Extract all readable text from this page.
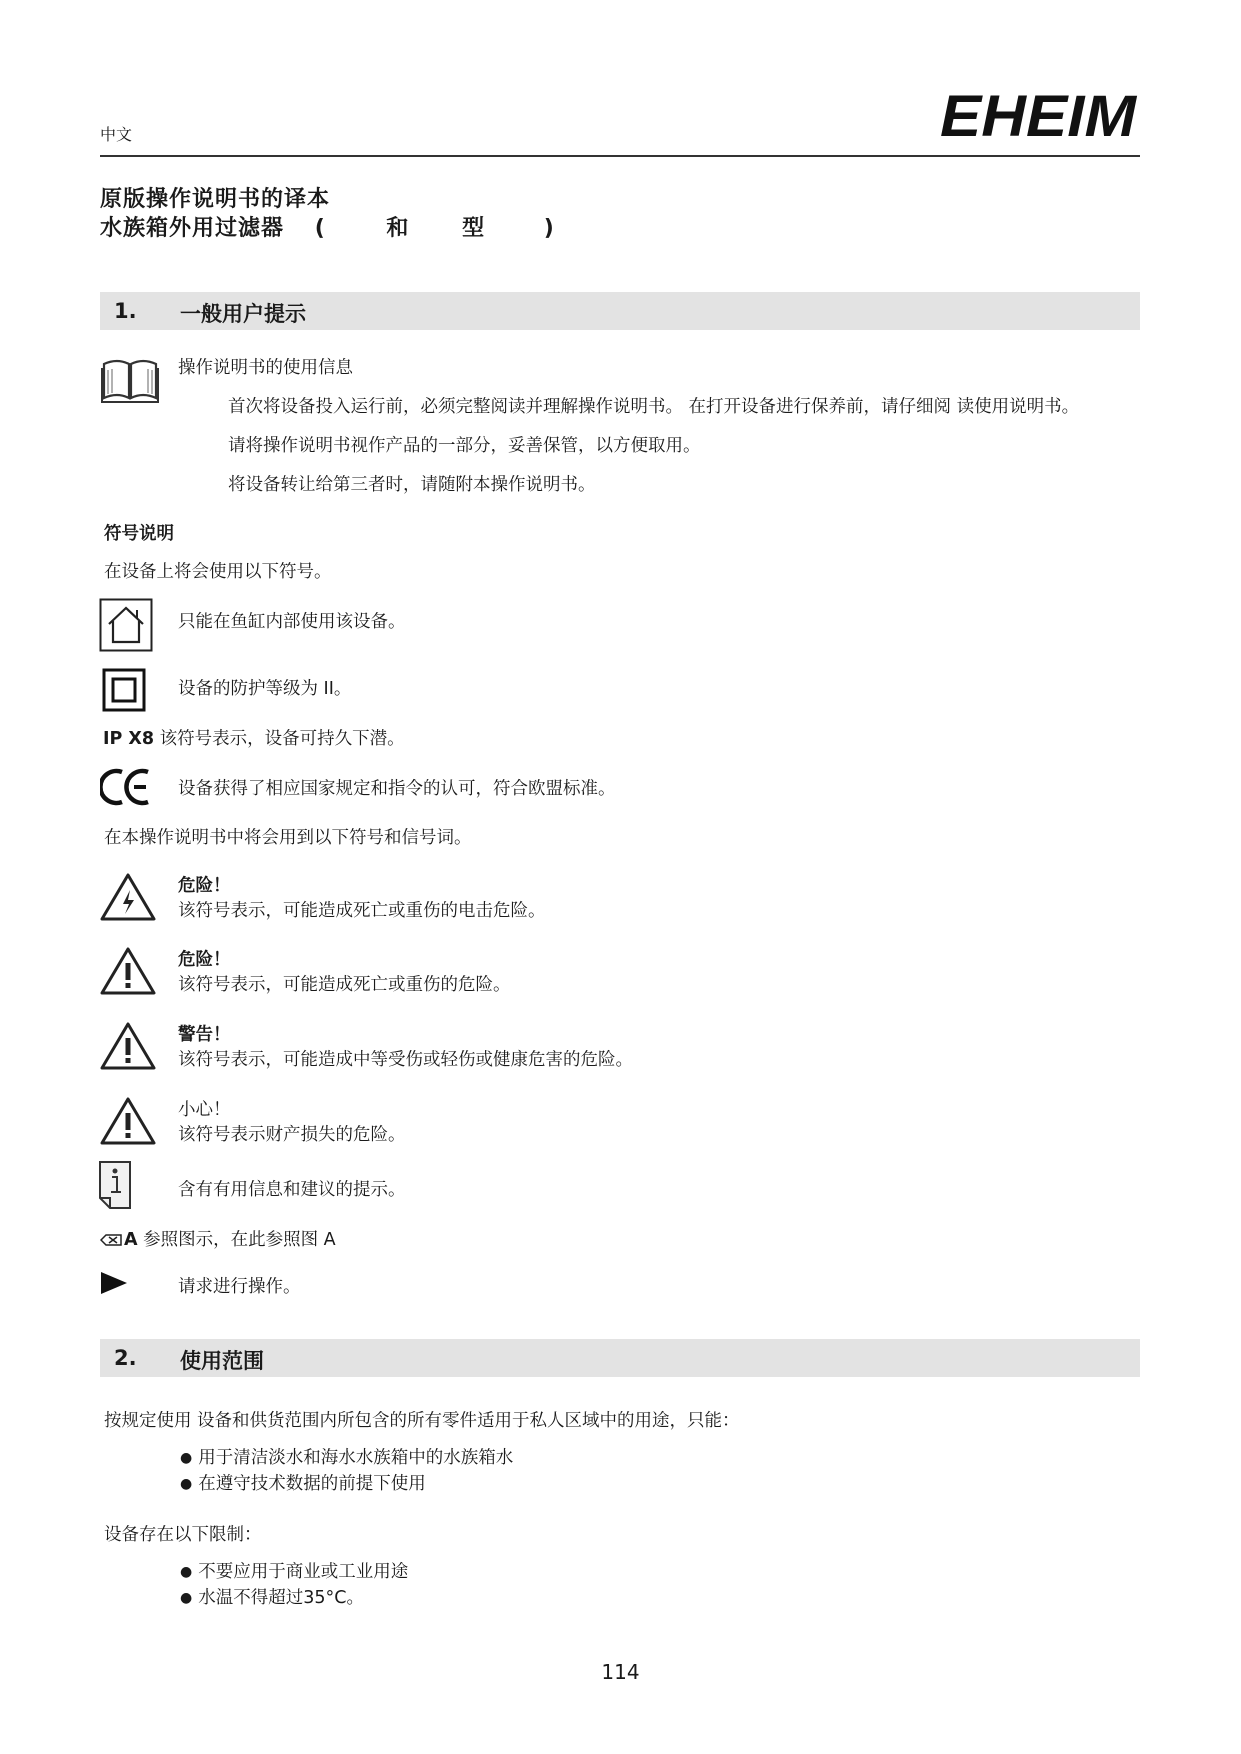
中文	EHEIM
原版操作说明书的译本
水族箱外用过滤器 (	和 型	)
1. 一般用户提示
操作说明书的使用信息
首次将设备投入运行前，必须完整阅读并理解操作说明书。 在打开设备进行保养前，请仔细阅 读使用说明书。
请将操作说明书视作产品的一部分，妥善保管，以方便取用。
将设备转让给第三者时，请随附本操作说明书。
符号说明
在设备上将会使用以下符号。
只能在鱼缸内部使用该设备。
设备的防护等级为 II。
IP X8 该符号表示，设备可持久下潜。
设备获得了相应国家规定和指令的认可，符合欧盟标准。
在本操作说明书中将会用到以下符号和信号词。
危险！
该符号表示，可能造成死亡或重伤的电击危险。
危险！
该符号表示，可能造成死亡或重伤的危险。
警告！
该符号表示，可能造成中等受伤或轻伤或健康危害的危险。
小心！
该符号表示财产损失的危险。
含有有用信息和建议的提示。
A 参照图示，在此参照图 A
请求进行操作。
2. 使用范围
按规定使用 设备和供货范围内所包含的所有零件适用于私人区域中的用途，只能：
● 用于清洁淡水和海水水族箱中的水族箱水
● 在遵守技术数据的前提下使用
设备存在以下限制：
● 不要应用于商业或工业用途
● 水温不得超过35°C。
114
